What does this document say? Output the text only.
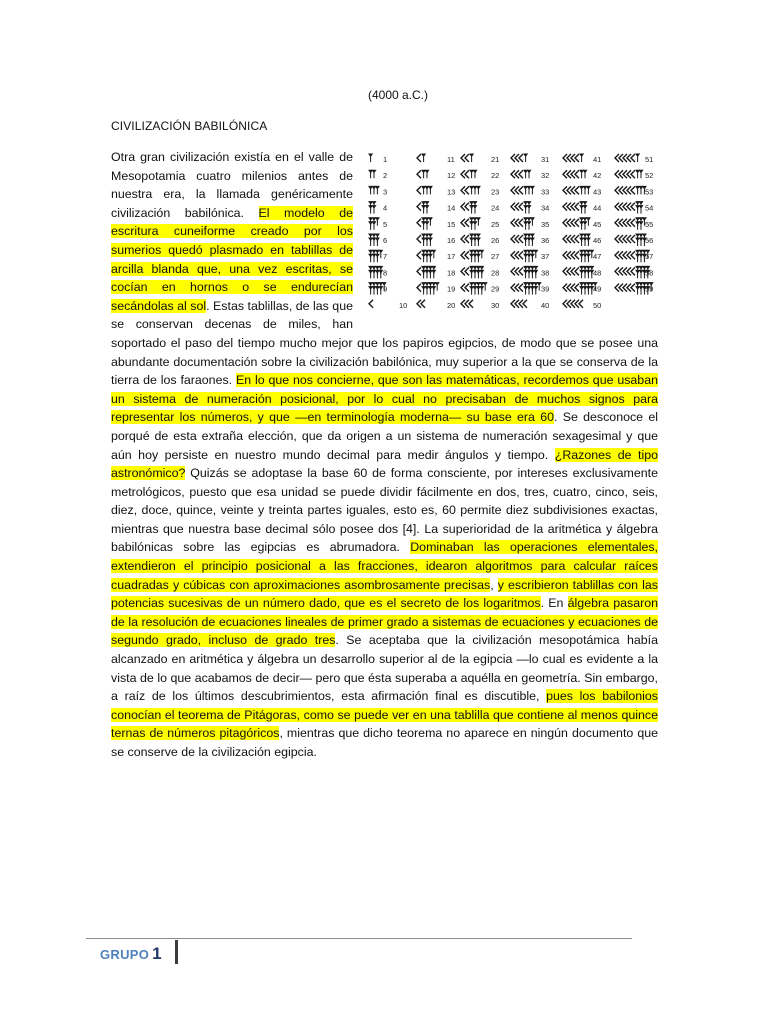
(4000 a.C.)
CIVILIZACIÓN BABILÓNICA

1
2
3
4
5
6
7
8
9
10
11
12
13
14
15
16
17
18
19
20
21
22
23
24
25
26
27
28
29
30
31
32
33
34
35
36
37
38
39
40
41
42
43
44
45
46
47
48
49
50
51
52
53
54
55
56
57
58
59
Otra gran civilización existía en el valle de Mesopotamia cuatro milenios antes de nuestra era, la llamada genéricamente civilización babilónica. El modelo de escritura cuneiforme creado por los sumerios quedó plasmado en tablillas de arcilla blanda que, una vez escritas, se cocían en hornos o se endurecían secándolas al sol. Estas tablillas, de las que se conservan decenas de miles, han soportado el paso del tiempo mucho mejor que los papiros egipcios, de modo que se posee una abundante documentación sobre la civilización babilónica, muy superior a la que se conserva de la tierra de los faraones. En lo que nos concierne, que son las matemáticas, recordemos que usaban un sistema de numeración posicional, por lo cual no precisaban de muchos signos para representar los números, y que —en terminología moderna— su base era 60. Se desconoce el porqué de esta extraña elección, que da origen a un sistema de numeración sexagesimal y que aún hoy persiste en nuestro mundo decimal para medir ángulos y tiempo. ¿Razones de tipo astronómico? Quizás se adoptase la base 60 de forma consciente, por intereses exclusivamente metrológicos, puesto que esa unidad se puede dividir fácilmente en dos, tres, cuatro, cinco, seis, diez, doce, quince, veinte y treinta partes iguales, esto es, 60 permite diez subdivisiones exactas, mientras que nuestra base decimal sólo posee dos [4]. La superioridad de la aritmética y álgebra babilónicas sobre las egipcias es abrumadora. Dominaban las operaciones elementales, extendieron el principio posicional a las fracciones, idearon algoritmos para calcular raíces cuadradas y cúbicas con aproximaciones asombrosamente precisas, y escribieron tablillas con las potencias sucesivas de un número dado, que es el secreto de los logaritmos. En álgebra pasaron de la resolución de ecuaciones lineales de primer grado a sistemas de ecuaciones y ecuaciones de segundo grado, incluso de grado tres. Se aceptaba que la civilización mesopotámica había alcanzado en aritmética y álgebra un desarrollo superior al de la egipcia —lo cual es evidente a la vista de lo que acabamos de decir— pero que ésta superaba a aquélla en geometría. Sin embargo, a raíz de los últimos descubrimientos, esta afirmación final es discutible, pues los babilonios conocían el teorema de Pitágoras, como se puede ver en una tablilla que contiene al menos quince ternas de números pitagóricos, mientras que dicho teorema no aparece en ningún documento que se conserve de la civilización egipcia.

GRUPO 1
